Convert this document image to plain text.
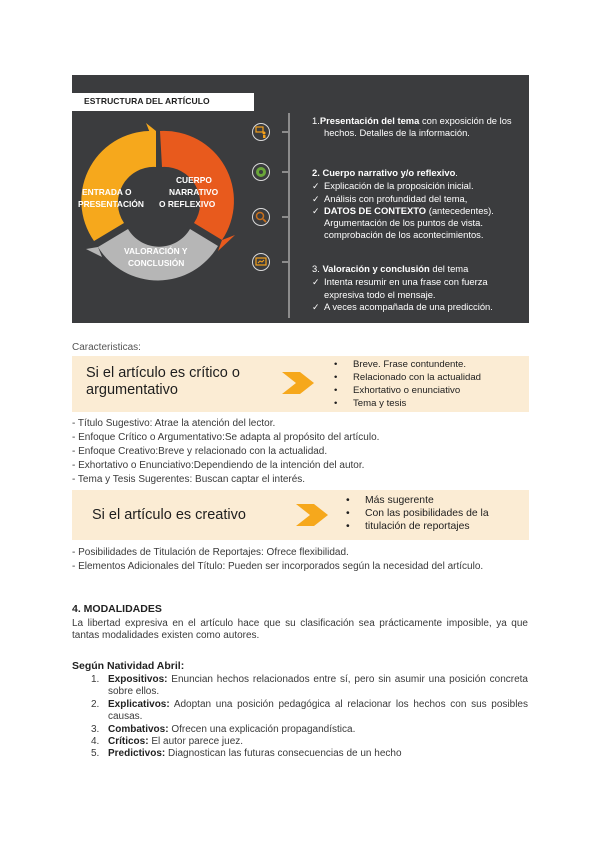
ESTRUCTURA DEL ARTÍCULO
ENTRADA O
PRESENTACIÓN
CUERPO
NARRATIVO
O REFLEXIVO
VALORACIÓN Y
CONCLUSIÓN
1.Presentación del tema con exposición de los
hechos. Detalles de la información.
2. Cuerpo narrativo y/o reflexivo.
✓ Explicación de la proposición inicial.
✓ Análisis con profundidad del tema,
✓ DATOS DE CONTEXTO (antecedentes).
Argumentación de los puntos de vista.
comprobación de los acontecimientos.
3. Valoración y conclusión del tema
✓ Intenta resumir en una frase con fuerza
expresiva todo el mensaje.
✓ A veces acompañada de una predicción.
Caracteristicas:
Si el artículo es crítico o
argumentativo
• Breve. Frase contundente.
• Relacionado con la actualidad
• Exhortativo o enunciativo
• Tema y tesis
- Título Sugestivo: Atrae la atención del lector.
- Enfoque Crítico o Argumentativo:Se adapta al propósito del artículo.
- Enfoque Creativo:Breve y relacionado con la actualidad.
- Exhortativo o Enunciativo:Dependiendo de la intención del autor.
- Tema y Tesis Sugerentes: Buscan captar el interés.
Si el artículo es creativo
• Más sugerente
• Con las posibilidades de la
• titulación de reportajes
- Posibilidades de Titulación de Reportajes: Ofrece flexibilidad.
- Elementos Adicionales del Título: Pueden ser incorporados según la necesidad del artículo.
4. MODALIDADES
La libertad expresiva en el artículo hace que su clasificación sea prácticamente imposible, ya que tantas modalidades existen como autores.
Según Natividad Abril:
1. Expositivos: Enuncian hechos relacionados entre sí, pero sin asumir una posición concreta sobre ellos.
2. Explicativos: Adoptan una posición pedagógica al relacionar los hechos con sus posibles causas.
3. Combativos: Ofrecen una explicación propagandística.
4. Críticos: El autor parece juez.
5. Predictivos: Diagnostican las futuras consecuencias de un hecho
